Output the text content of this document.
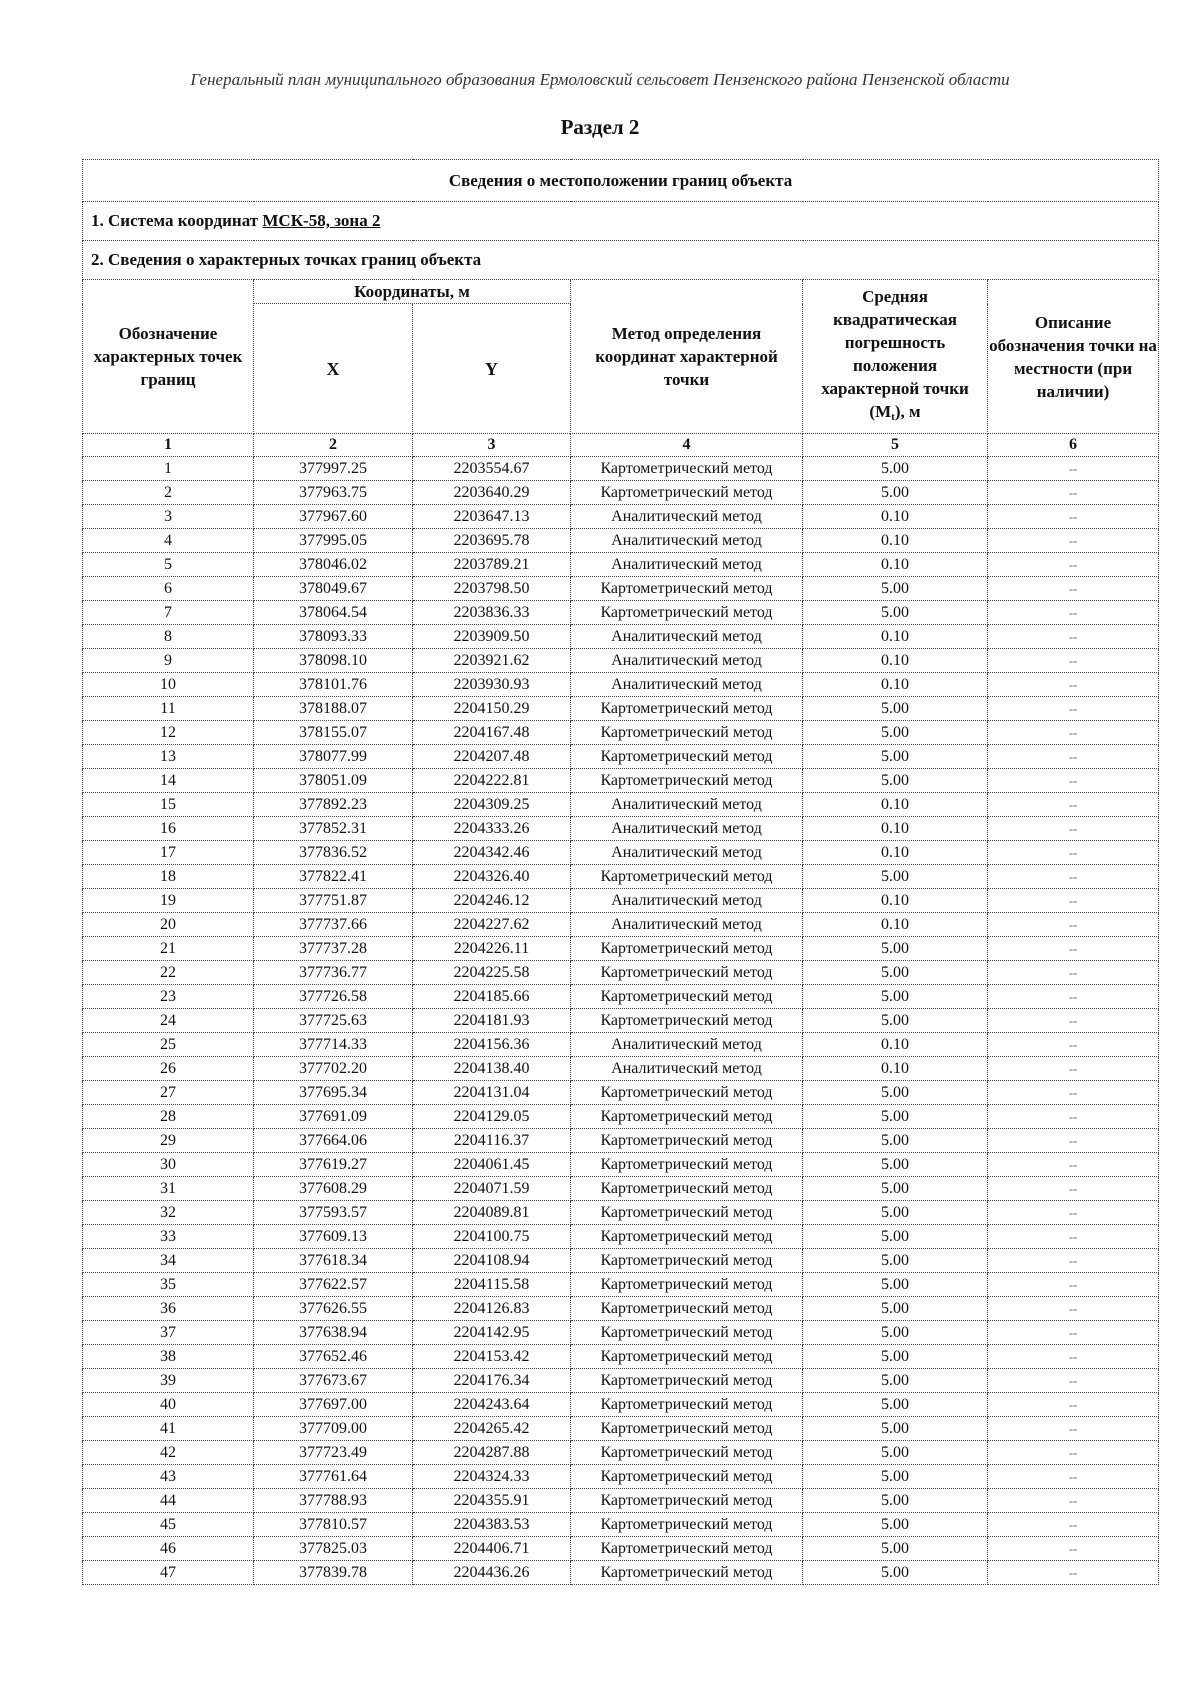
Генеральный план муниципального образования Ермоловский сельсовет Пензенского района Пензенской области
Раздел 2
Сведения о местоположении границ объекта					
1. Система координат МСК-58, зона 2					
2. Сведения о характерных точках границ объекта					
Обозначение характерных точек границ	Координаты, м		Метод определения координат характерной точки	Средняя квадратическая погрешность положения характерной точки $(M_t)$, м	Описание обозначения точки на местности (при наличии)
	X	Y			
1	2	3	4	5	6
1	377997.25	2203554.67	Картометрический метод	5.00	--
2	377963.75	2203640.29	Картометрический метод	5.00	--
3	377967.60	2203647.13	Аналитический метод	0.10	--
4	377995.05	2203695.78	Аналитический метод	0.10	--
5	378046.02	2203789.21	Аналитический метод	0.10	--
6	378049.67	2203798.50	Картометрический метод	5.00	--
7	378064.54	2203836.33	Картометрический метод	5.00	--
8	378093.33	2203909.50	Аналитический метод	0.10	--
9	378098.10	2203921.62	Аналитический метод	0.10	--
10	378101.76	2203930.93	Аналитический метод	0.10	--
11	378188.07	2204150.29	Картометрический метод	5.00	--
12	378155.07	2204167.48	Картометрический метод	5.00	--
13	378077.99	2204207.48	Картометрический метод	5.00	--
14	378051.09	2204222.81	Картометрический метод	5.00	--
15	377892.23	2204309.25	Аналитический метод	0.10	--
16	377852.31	2204333.26	Аналитический метод	0.10	--
17	377836.52	2204342.46	Аналитический метод	0.10	--
18	377822.41	2204326.40	Картометрический метод	5.00	--
19	377751.87	2204246.12	Аналитический метод	0.10	--
20	377737.66	2204227.62	Аналитический метод	0.10	--
21	377737.28	2204226.11	Картометрический метод	5.00	--
22	377736.77	2204225.58	Картометрический метод	5.00	--
23	377726.58	2204185.66	Картометрический метод	5.00	--
24	377725.63	2204181.93	Картометрический метод	5.00	--
25	377714.33	2204156.36	Аналитический метод	0.10	--
26	377702.20	2204138.40	Аналитический метод	0.10	--
27	377695.34	2204131.04	Картометрический метод	5.00	--
28	377691.09	2204129.05	Картометрический метод	5.00	--
29	377664.06	2204116.37	Картометрический метод	5.00	--
30	377619.27	2204061.45	Картометрический метод	5.00	--
31	377608.29	2204071.59	Картометрический метод	5.00	--
32	377593.57	2204089.81	Картометрический метод	5.00	--
33	377609.13	2204100.75	Картометрический метод	5.00	--
34	377618.34	2204108.94	Картометрический метод	5.00	--
35	377622.57	2204115.58	Картометрический метод	5.00	--
36	377626.55	2204126.83	Картометрический метод	5.00	--
37	377638.94	2204142.95	Картометрический метод	5.00	--
38	377652.46	2204153.42	Картометрический метод	5.00	--
39	377673.67	2204176.34	Картометрический метод	5.00	--
40	377697.00	2204243.64	Картометрический метод	5.00	--
41	377709.00	2204265.42	Картометрический метод	5.00	--
42	377723.49	2204287.88	Картометрический метод	5.00	--
43	377761.64	2204324.33	Картометрический метод	5.00	--
44	377788.93	2204355.91	Картометрический метод	5.00	--
45	377810.57	2204383.53	Картометрический метод	5.00	--
46	377825.03	2204406.71	Картометрический метод	5.00	--
47	377839.78	2204436.26	Картометрический метод	5.00	--
